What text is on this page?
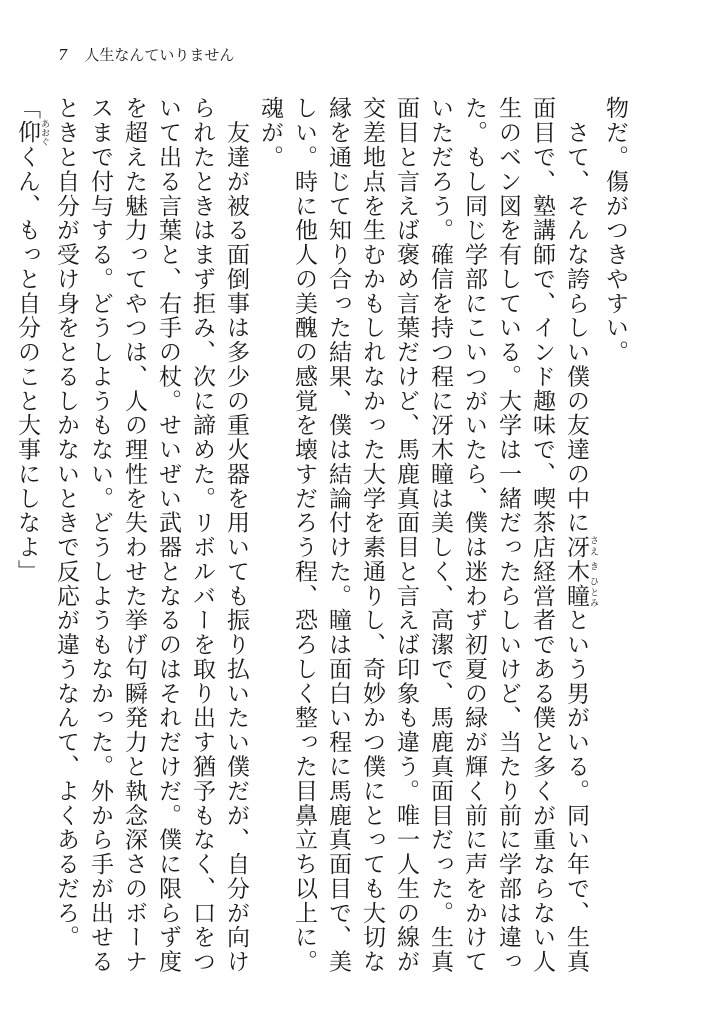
7 人生なんていりません

物だ。傷がつきやすい。

　さて、そんな誇らしい僕の友達の中に冴木瞳 さえ き ひとみという男がいる。同い年で、生真面目で、塾講師で、インド趣味で、喫茶店経営者である僕と多くが重ならない人生のベン図を有している。大学は一緒だったらしいけど、当たり前に学部は違った。もし同じ学部にこいつがいたら、僕は迷わず初夏の緑が輝く前に声をかけていただろう。確信を持つ程に冴木瞳は美しく、高潔で、馬鹿真面目だった。生真面目と言えば褒め言葉だけど、馬鹿真面目と言えば印象も違う。唯一人生の線が交差地点を生むかもしれなかった大学を素通りし、奇妙かつ僕にとっても大切な縁を通じて知り合った結果、僕は結論付けた。瞳は面白い程に馬鹿真面目で、美しい。時に他人の美醜の感覚を壊すだろう程、恐ろしく整った目鼻立ち以上に。魂が。

　友達が被る面倒事は多少の重火器を用いても振り払いたい僕だが、自分が向けられたときはまず拒み、次に諦めた。リボルバーを取り出す猶予もなく、口をついて出る言葉と、右手の杖。せいぜい武器となるのはそれだけだ。僕に限らず度を超えた魅力ってやつは、人の理性を失わせた挙げ句瞬発力と執念深さのボーナスまで付与する。どうしようもない。どうしようもなかった。外から手が出せるときと自分が受け身をとるしかないときで反応が違うなんて、よくあるだろ。

「仰 あおぐくん、もっと自分のこと大事にしなよ」
